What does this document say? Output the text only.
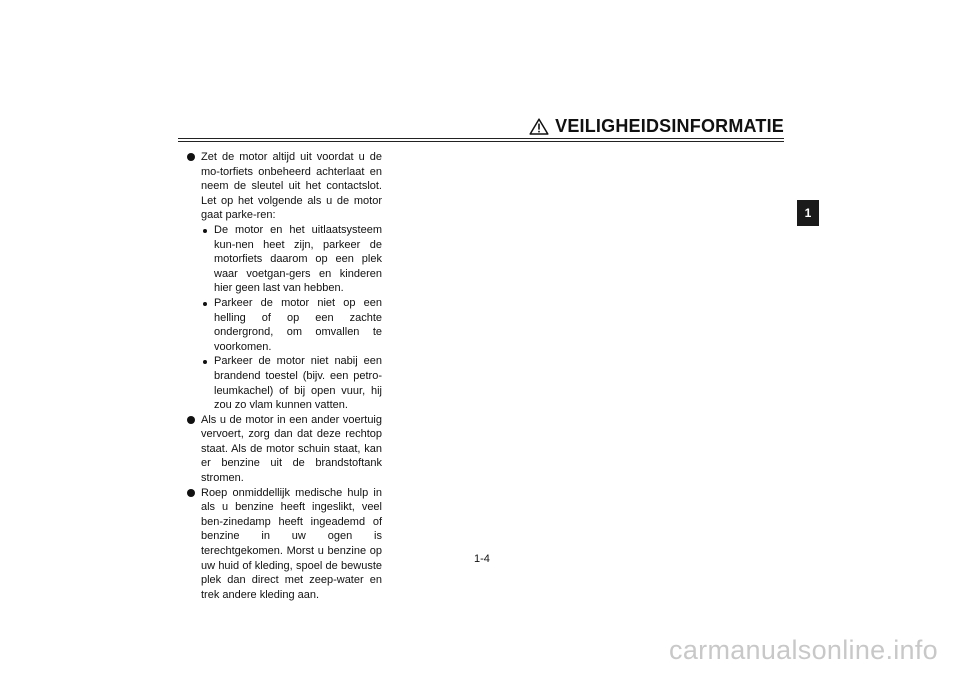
VEILIGHEIDSINFORMATIE
1
Zet de motor altijd uit voordat u de mo-torfiets onbeheerd achterlaat en neem de sleutel uit het contactslot. Let op het volgende als u de motor gaat parke-ren:
De motor en het uitlaatsysteem kun-nen heet zijn, parkeer de motorfiets daarom op een plek waar voetgan-gers en kinderen hier geen last van hebben.
Parkeer de motor niet op een helling of op een zachte ondergrond, om omvallen te voorkomen.
Parkeer de motor niet nabij een brandend toestel (bijv. een petro-leumkachel) of bij open vuur, hij zou zo vlam kunnen vatten.
Als u de motor in een ander voertuig vervoert, zorg dan dat deze rechtop staat. Als de motor schuin staat, kan er benzine uit de brandstoftank stromen.
Roep onmiddellijk medische hulp in als u benzine heeft ingeslikt, veel ben-zinedamp heeft ingeademd of benzine in uw ogen is terechtgekomen. Morst u benzine op uw huid of kleding, spoel de bewuste plek dan direct met zeep-water en trek andere kleding aan.
1-4
carmanualsonline.info
